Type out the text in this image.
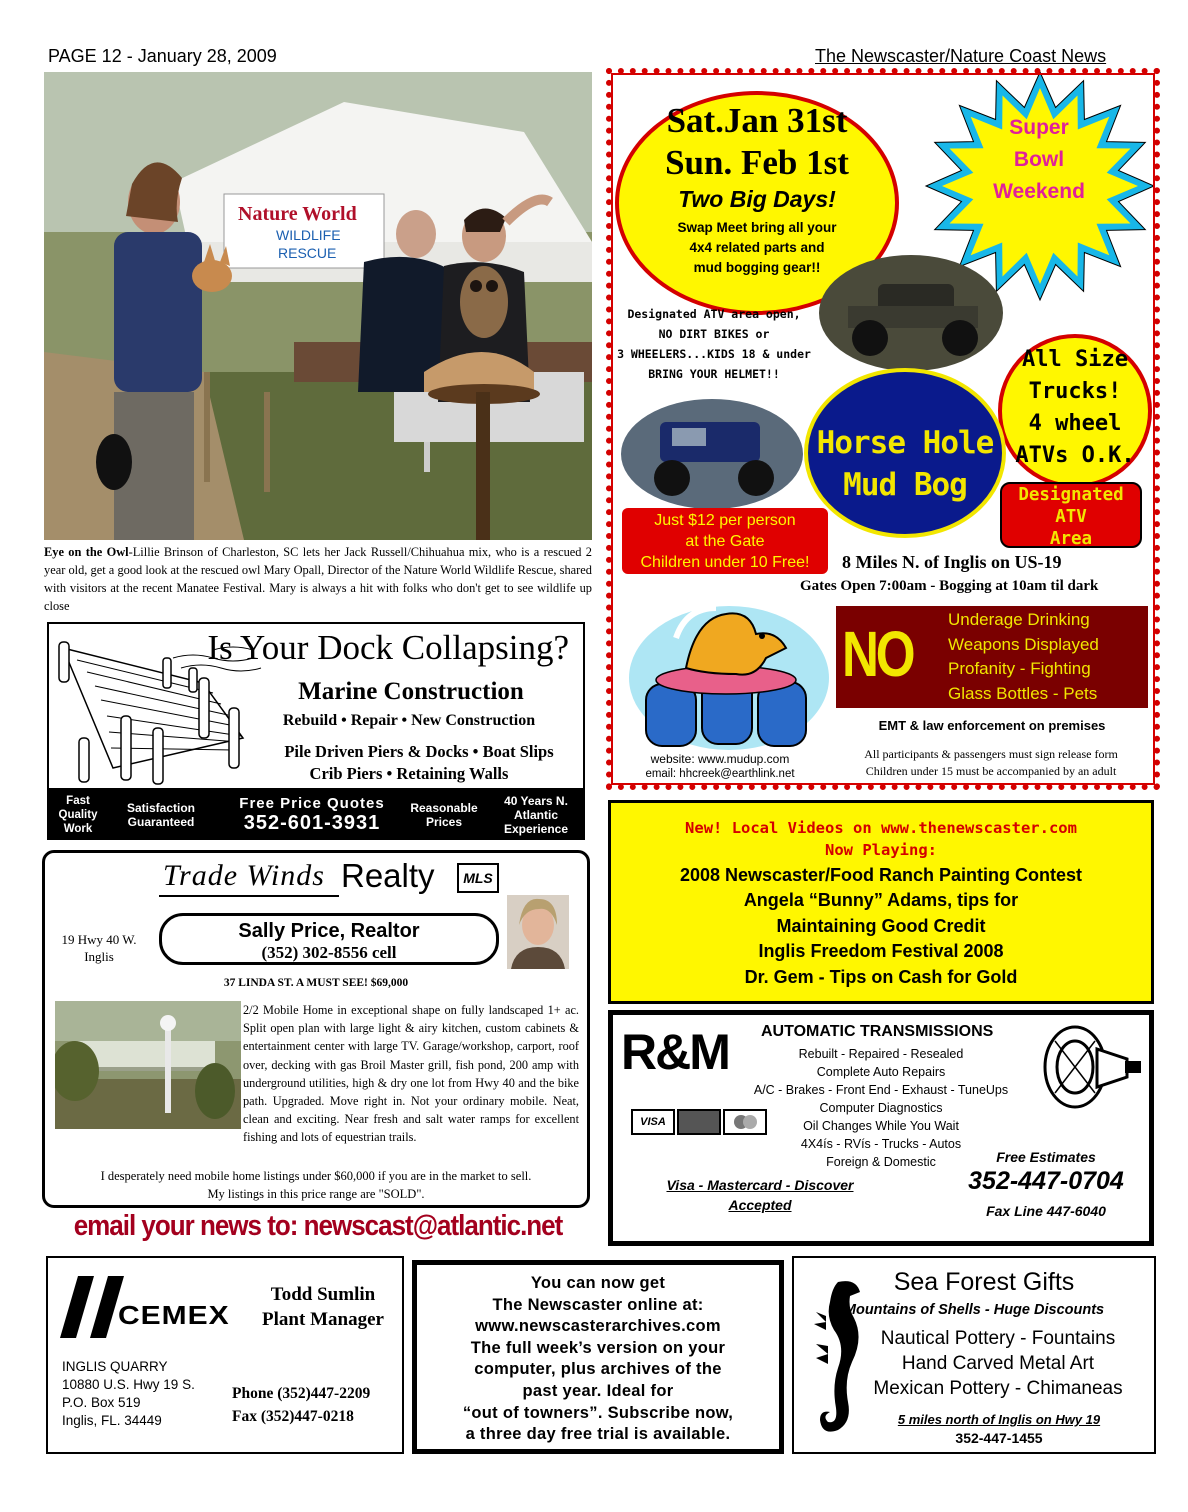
PAGE 12 - January 28, 2009	The Newscaster/Nature Coast News
Nature World
WILDLIFE
RESCUE
Eye on the Owl-Lillie Brinson of Charleston, SC lets her Jack Russell/Chihuahua mix, who is a rescued 2 year old, get a good look at the rescued owl Mary Opall, Director of the Nature World Wildlife Rescue, shared with visitors at the recent Manatee Festival. Mary is always a hit with folks who don't get to see wildlife up close
Is Your Dock Collapsing?
Marine Construction
Rebuild • Repair • New Construction
Pile Driven Piers & Docks • Boat Slips
Crib Piers • Retaining Walls
Fast Quality Work
Satisfaction Guaranteed
Free Price Quotes
352-601-3931
Reasonable Prices
40 Years N. Atlantic Experience
Trade Winds Realty	MLS
19 Hwy 40 W.
Inglis
Sally Price, Realtor
(352) 302-8556 cell
37 LINDA ST. A MUST SEE! $69,000
2/2 Mobile Home in exceptional shape on fully landscaped 1+ ac. Split open plan with large light & airy kitchen, custom cabinets & entertainment center with large TV. Garage/workshop, carport, roof over, decking with gas Broil Master grill, fish pond, 200 amp with underground utilities, high & dry one lot from Hwy 40 and the bike path. Upgraded. Move right in. Not your ordinary mobile. Neat, clean and exciting. Near fresh and salt water ramps for excellent fishing and lots of equestrian trails.
I desperately need mobile home listings under $60,000 if you are in the market to sell.
My listings in this price range are "SOLD".
email your news to: newscast@atlantic.net
CEMEX
Todd Sumlin
Plant Manager
INGLIS QUARRY
10880 U.S. Hwy 19 S.
P.O. Box 519
Inglis, FL. 34449
Phone (352)447-2209
Fax (352)447-0218
You can now get
The Newscaster online at:
www.newscasterarchives.com
The full week’s version on your
computer, plus archives of the
past year. Ideal for
“out of towners”. Subscribe now,
a three day free trial is available.
Sea Forest Gifts
Mountains of Shells - Huge Discounts
Nautical Pottery - Fountains
Hand Carved Metal Art
Mexican Pottery - Chimaneas
5 miles north of Inglis on Hwy 19
352-447-1455
Sat.Jan 31st
Sun. Feb 1st
Two Big Days!
Swap Meet bring all your
4x4 related parts and
mud bogging gear!!
Super
Bowl
Weekend
Designated ATV area open,
NO DIRT BIKES or
3 WHEELERS...KIDS 18 & under
BRING YOUR HELMET!!
All Size
Trucks!
4 wheel
ATVs O.K.
Horse Hole
Mud Bog	Designated
ATV
Area
Just $12 per person
at the Gate
Children under 10 Free!	8 Miles N. of Inglis on US-19
Gates Open 7:00am - Bogging at 10am til dark
NO Underage Drinking
Weapons Displayed
Profanity - Fighting
Glass Bottles - Pets
EMT & law enforcement on premises
website: www.mudup.com
email: hhcreek@earthlink.net
All participants & passengers must sign release form
Children under 15 must be accompanied by an adult
New! Local Videos on www.thenewscaster.com
Now Playing:
2008 Newscaster/Food Ranch Painting Contest
Angela “Bunny” Adams, tips for
Maintaining Good Credit
Inglis Freedom Festival 2008
Dr. Gem - Tips on Cash for Gold
R&M AUTOMATIC TRANSMISSIONS
Rebuilt - Repaired - Resealed
Complete Auto Repairs
A/C - Brakes - Front End - Exhaust - TuneUps
Computer Diagnostics
Oil Changes While You Wait
4X4ís - RVís - Trucks - Autos
Foreign & Domestic
VISA
Visa - Mastercard - Discover
Accepted
Free Estimates
352-447-0704
Fax Line 447-6040
